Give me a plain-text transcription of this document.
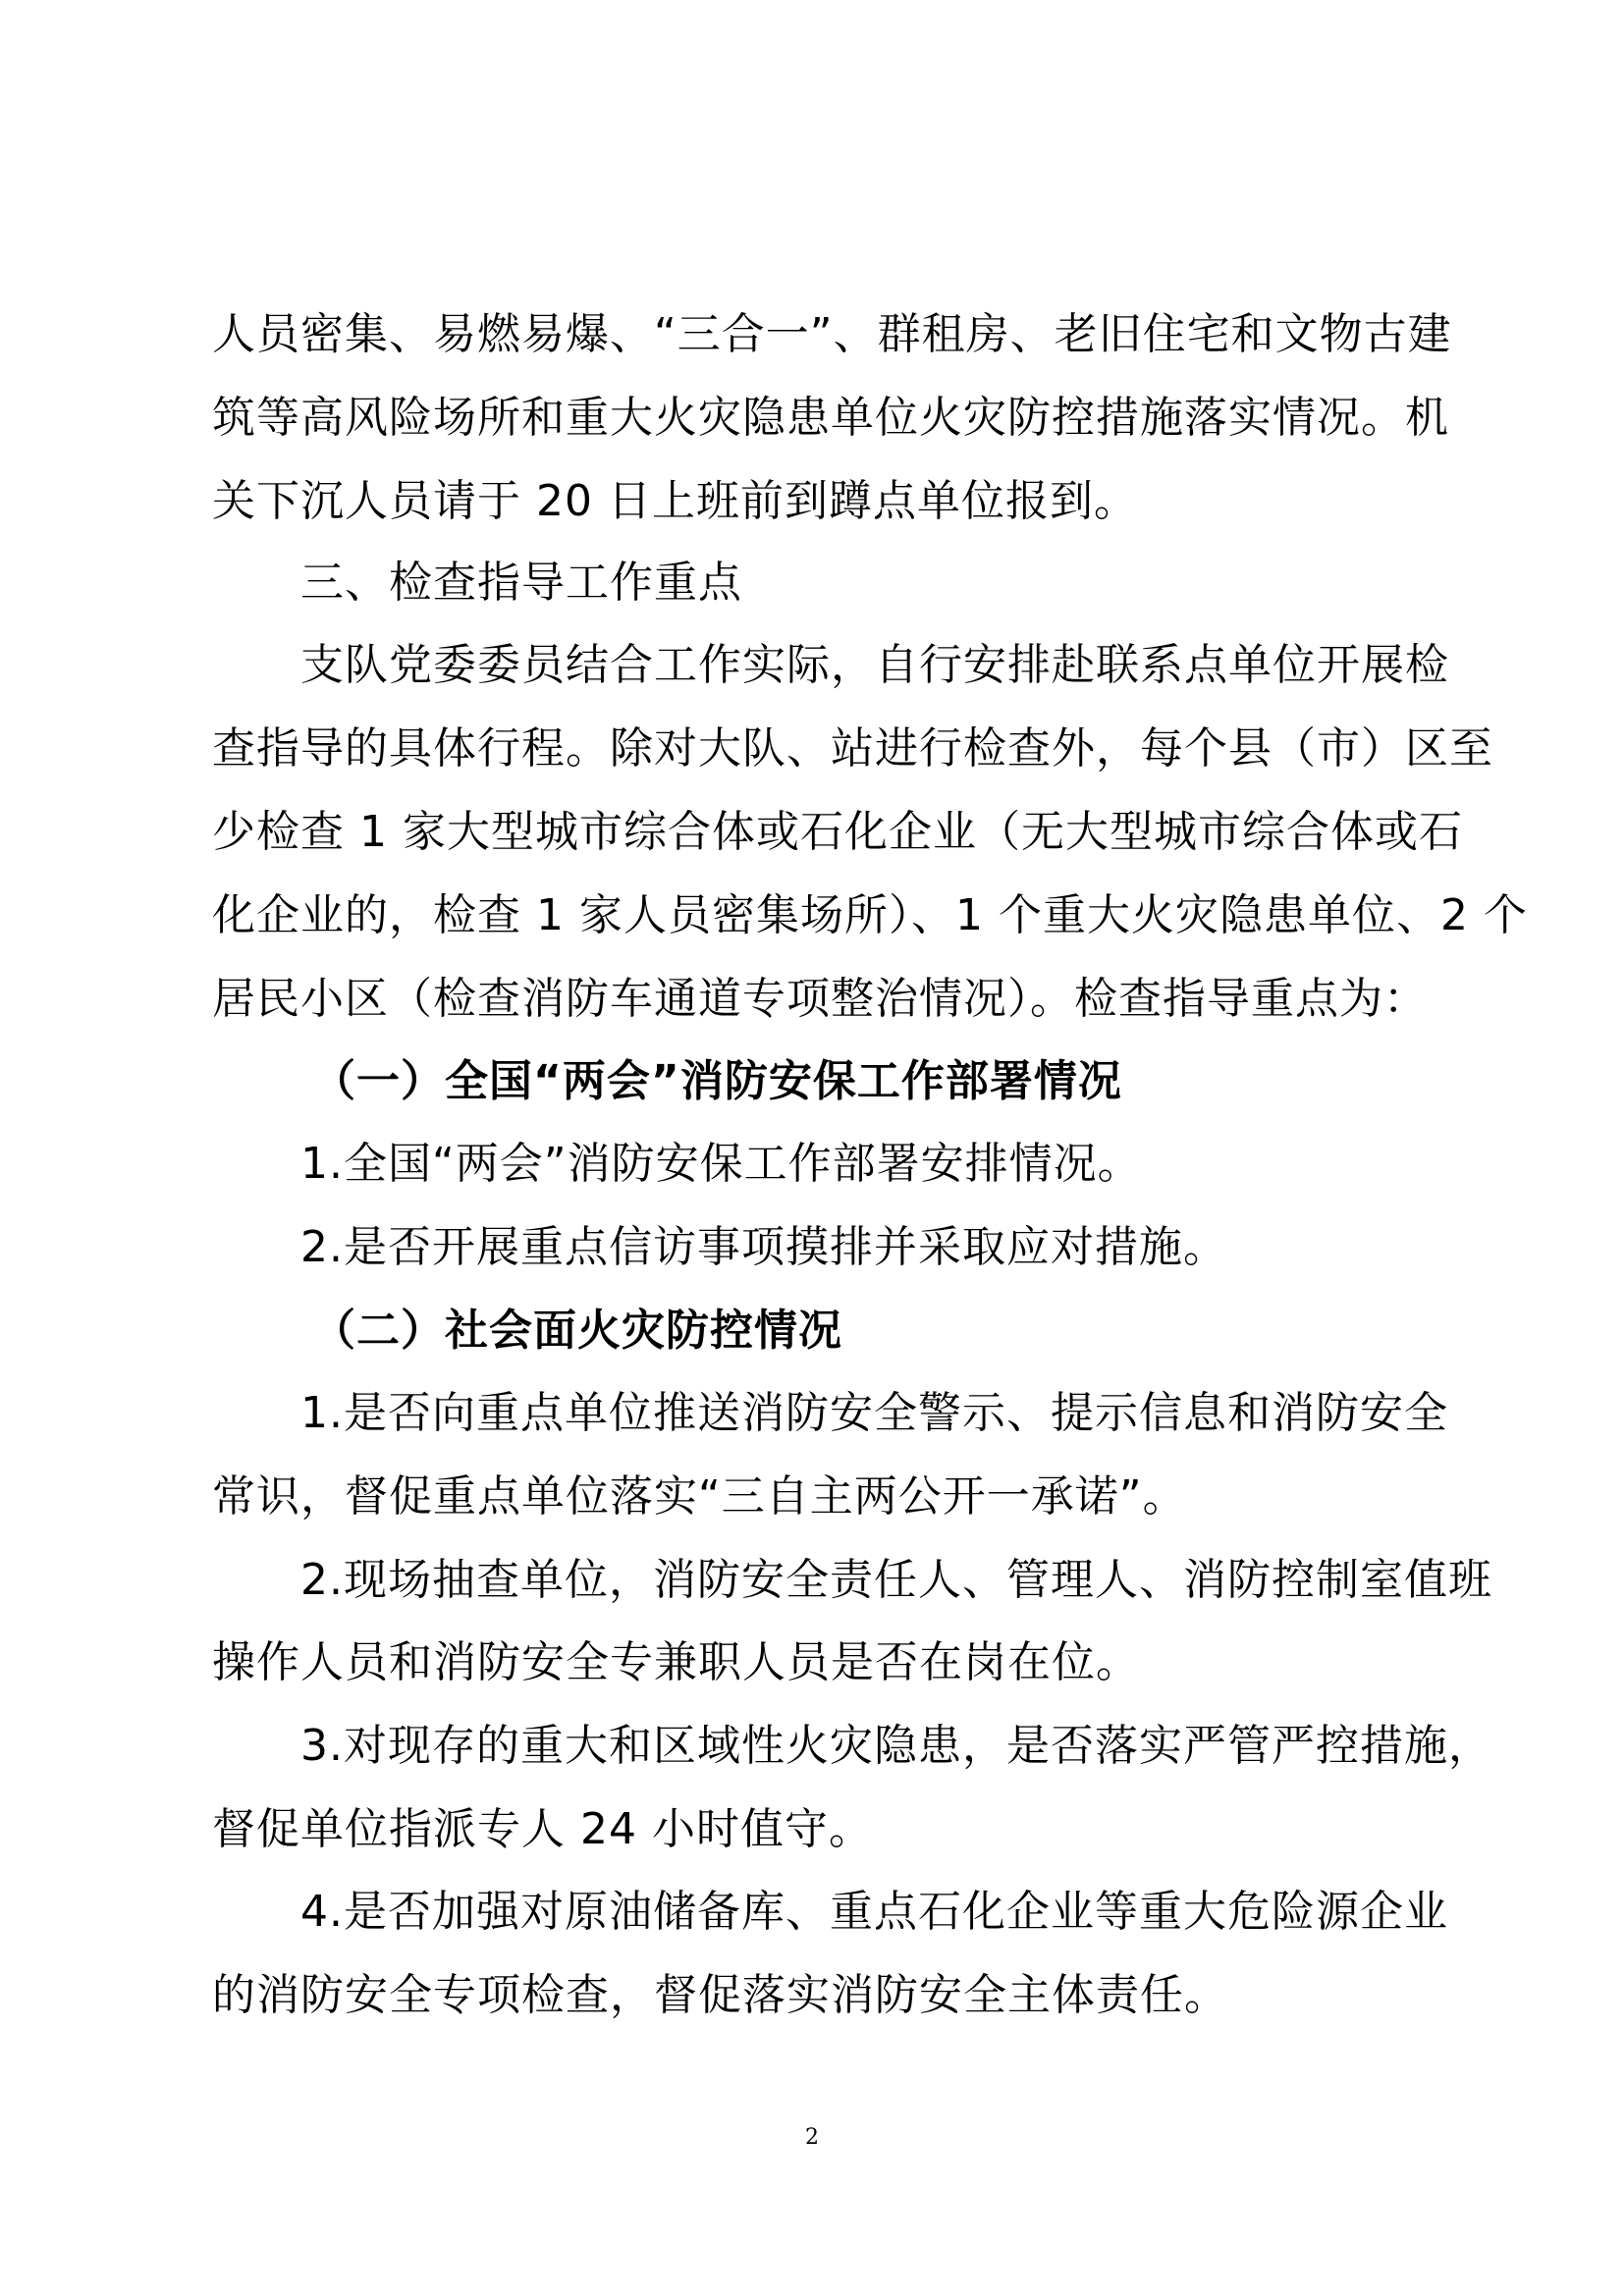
人员密集、易燃易爆、“三合一”、群租房、老旧住宅和文物古建
筑等高风险场所和重大火灾隐患单位火灾防控措施落实情况。机
关下沉人员请于 20 日上班前到蹲点单位报到。
三、检查指导工作重点
支队党委委员结合工作实际，自行安排赴联系点单位开展检
查指导的具体行程。除对大队、站进行检查外，每个县（市）区至
少检查 1 家大型城市综合体或石化企业（无大型城市综合体或石
化企业的，检查 1 家人员密集场所）、1 个重大火灾隐患单位、2 个
居民小区（检查消防车通道专项整治情况）。检查指导重点为：
（一）全国“两会”消防安保工作部署情况
1.全国“两会”消防安保工作部署安排情况。
2.是否开展重点信访事项摸排并采取应对措施。
（二）社会面火灾防控情况
1.是否向重点单位推送消防安全警示、提示信息和消防安全
常识，督促重点单位落实“三自主两公开一承诺”。
2.现场抽查单位，消防安全责任人、管理人、消防控制室值班
操作人员和消防安全专兼职人员是否在岗在位。
3.对现存的重大和区域性火灾隐患，是否落实严管严控措施，
督促单位指派专人 24 小时值守。
4.是否加强对原油储备库、重点石化企业等重大危险源企业
的消防安全专项检查，督促落实消防安全主体责任。
2
